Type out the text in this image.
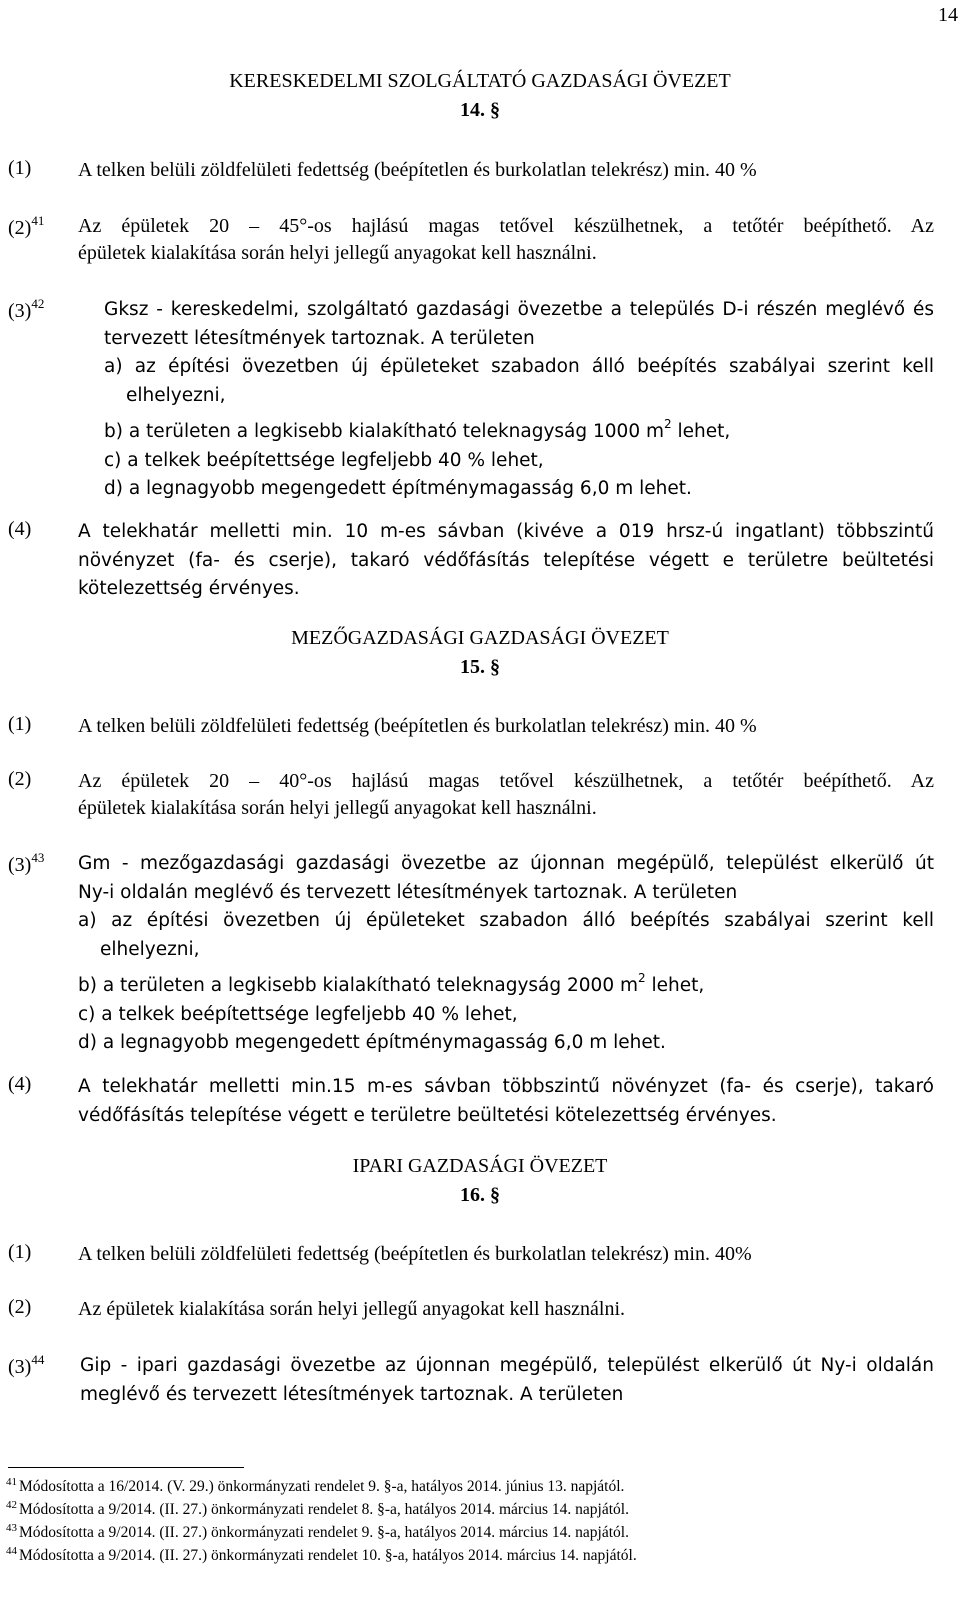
14
KERESKEDELMI SZOLGÁLTATÓ GAZDASÁGI ÖVEZET
14. §
(1) A telken belüli zöldfelületi fedettség (beépítetlen és burkolatlan telekrész) min. 40 %
$(2)^{41}$ Az épületek 20 – 45°-os hajlású magas tetővel készülhetnek, a tetőtér beépíthető. Az
épületek kialakítása során helyi jellegű anyagokat kell használni.
$(3)^{42}$	Gksz - kereskedelmi, szolgáltató gazdasági övezetbe a település D-i részén meglévő és
tervezett létesítmények tartoznak. A területen
a) az építési övezetben új épületeket szabadon álló beépítés szabályai szerint kell
elhelyezni,
b) a területen a legkisebb kialakítható teleknagyság 1000 $m^2$ lehet,
c) a telkek beépítettsége legfeljebb 40 % lehet,
d) a legnagyobb megengedett építménymagasság 6,0 m lehet.
(4)	A telekhatár melletti min. 10 m-es sávban (kivéve a 019 hrsz-ú ingatlant) többszintű
növényzet (fa- és cserje), takaró védőfásítás telepítése végett e területre beültetési
kötelezettség érvényes.
MEZŐGAZDASÁGI GAZDASÁGI ÖVEZET
15. §
(1) A telken belüli zöldfelületi fedettség (beépítetlen és burkolatlan telekrész) min. 40 %
(2) Az épületek 20 – 40°-os hajlású magas tetővel készülhetnek, a tetőtér beépíthető. Az
épületek kialakítása során helyi jellegű anyagokat kell használni.
$(3)^{43}$ Gm - mezőgazdasági gazdasági övezetbe az újonnan megépülő, települést elkerülő út
Ny-i oldalán meglévő és tervezett létesítmények tartoznak. A területen
a) az építési övezetben új épületeket szabadon álló beépítés szabályai szerint kell
elhelyezni,
b) a területen a legkisebb kialakítható teleknagyság 2000 $m^2$ lehet,
c) a telkek beépítettsége legfeljebb 40 % lehet,
d) a legnagyobb megengedett építménymagasság 6,0 m lehet.
(4)	A telekhatár melletti min.15 m-es sávban többszintű növényzet (fa- és cserje), takaró
védőfásítás telepítése végett e területre beültetési kötelezettség érvényes.
IPARI GAZDASÁGI ÖVEZET
16. §
(1) A telken belüli zöldfelületi fedettség (beépítetlen és burkolatlan telekrész) min. 40%
(2) Az épületek kialakítása során helyi jellegű anyagokat kell használni.
$(3)^{44}$ Gip - ipari gazdasági övezetbe az újonnan megépülő, települést elkerülő út Ny-i oldalán
meglévő és tervezett létesítmények tartoznak. A területen
$^{41}$ Módosította a 16/2014. (V. 29.) önkormányzati rendelet 9. §-a, hatályos 2014. június 13. napjától.
$^{42}$ Módosította a 9/2014. (II. 27.) önkormányzati rendelet 8. §-a, hatályos 2014. március 14. napjától.
$^{43}$ Módosította a 9/2014. (II. 27.) önkormányzati rendelet 9. §-a, hatályos 2014. március 14. napjától.
$^{44}$ Módosította a 9/2014. (II. 27.) önkormányzati rendelet 10. §-a, hatályos 2014. március 14. napjától.
